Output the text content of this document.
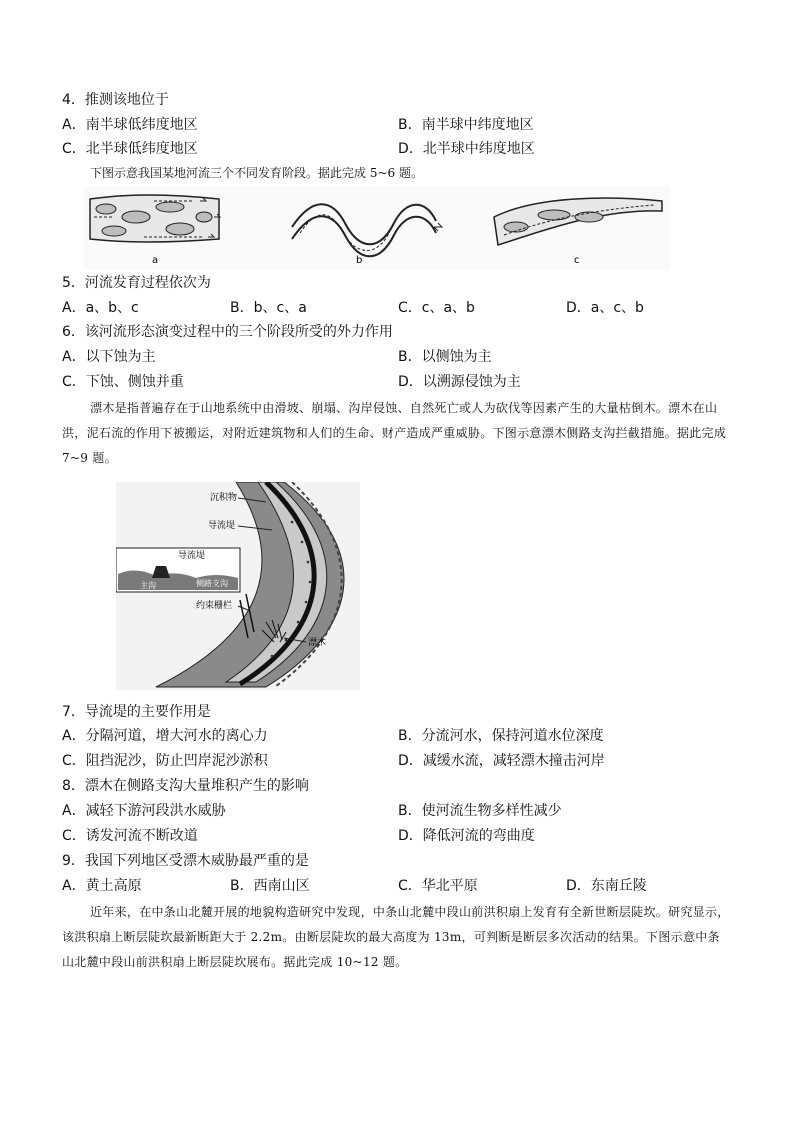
4．推测该地位于
A．南半球低纬度地区	B．南半球中纬度地区
C．北半球低纬度地区	D．北半球中纬度地区
下图示意我国某地河流三个不同发育阶段。据此完成 5~6 题。
a	b	c
5．河流发育过程依次为
A．a、b、c	B．b、c、a	C．c、a、b	D．a、c、b
6．该河流形态演变过程中的三个阶段所受的外力作用
A．以下蚀为主	B．以侧蚀为主
C．下蚀、侧蚀并重	D．以溯源侵蚀为主
漂木是指普遍存在于山地系统中由滑坡、崩塌、沟岸侵蚀、自然死亡或人为砍伐等因素产生的大量枯倒木。漂木在山洪，泥石流的作用下被搬运，对附近建筑物和人们的生命、财产造成严重威胁。下图示意漂木侧路支沟拦截措施。据此完成 7~9 题。
沉积物
导流堤
导流堤
主沟	侧路支沟
约束栅栏
漂木
7．导流堤的主要作用是
A．分隔河道，增大河水的离心力	B．分流河水，保持河道水位深度
C．阻挡泥沙，防止凹岸泥沙淤积	D．减缓水流，减轻漂木撞击河岸
8．漂木在侧路支沟大量堆积产生的影响
A．减轻下游河段洪水威胁	B．使河流生物多样性减少
C．诱发河流不断改道	D．降低河流的弯曲度
9．我国下列地区受漂木威胁最严重的是
A．黄土高原	B．西南山区	C．华北平原	D．东南丘陵
近年来，在中条山北麓开展的地貌构造研究中发现，中条山北麓中段山前洪积扇上发育有全新世断层陡坎。研究显示，该洪积扇上断层陡坎最新断距大于 2.2m。由断层陡坎的最大高度为 13m，可判断是断层多次活动的结果。下图示意中条山北麓中段山前洪积扇上断层陡坎展布。据此完成 10~12 题。
